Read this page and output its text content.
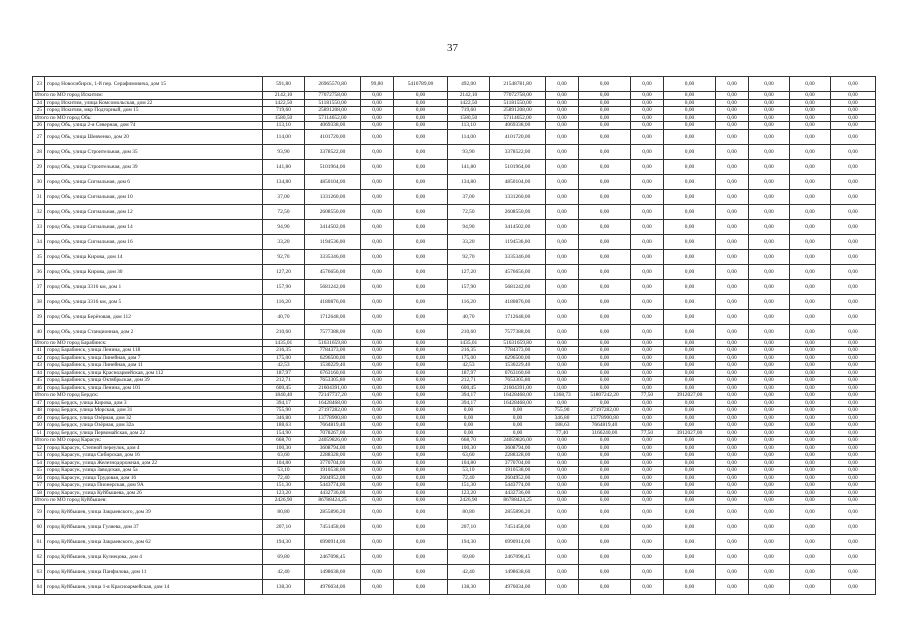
37
23	город Новосибирск, 1-й пер. Серафимовича, дом 15	591,80	26965570,80	99,80	5416789,00	492,00	21548781,80	0,00	0,00	0,00	0,00	0,00	0,00	0,00	0,00
Итого по МО город Искитим:		2142,10	77072758,00	0,00	0,00	2142,10	77072758,00	0,00	0,00	0,00	0,00	0,00	0,00	0,00	0,00
24	город Искитим, улица Комсомольская, дом 22	1422,50	51181550,00	0,00	0,00	1422,50	51181550,00	0,00	0,00	0,00	0,00	0,00	0,00	0,00	0,00
25	город Искитим, мкр Подгорный, дом 15	719,60	25891208,00	0,00	0,00	719,60	25891208,00	0,00	0,00	0,00	0,00	0,00	0,00	0,00	0,00
Итого по МО город Обь:		1580,50	57114652,00	0,00	0,00	1580,50	57114652,00	0,00	0,00	0,00	0,00	0,00	0,00	0,00	0,00
26	город Обь, улица 2-я Северная, дом 74	113,10	4069338,00	0,00	0,00	113,10	4069338,00	0,00	0,00	0,00	0,00	0,00	0,00	0,00	0,00
27	город Обь, улица Шевченко, дом 20	114,00	4101720,00	0,00	0,00	114,00	4101720,00	0,00	0,00	0,00	0,00	0,00	0,00	0,00	0,00
28	город Обь, улица Строительная, дом 35	93,90	3378522,00	0,00	0,00	93,90	3378522,00	0,00	0,00	0,00	0,00	0,00	0,00	0,00	0,00
29	город Обь, улица Строительная, дом 39	141,80	5101964,00	0,00	0,00	141,80	5101964,00	0,00	0,00	0,00	0,00	0,00	0,00	0,00	0,00
30	город Обь, улица Сигнальная, дом 6	134,80	4850104,00	0,00	0,00	134,80	4850104,00	0,00	0,00	0,00	0,00	0,00	0,00	0,00	0,00
31	город Обь, улица Сигнальная, дом 10	37,00	1331260,00	0,00	0,00	37,00	1331260,00	0,00	0,00	0,00	0,00	0,00	0,00	0,00	0,00
32	город Обь, улица Сигнальная, дом 12	72,50	2608550,00	0,00	0,00	72,50	2608550,00	0,00	0,00	0,00	0,00	0,00	0,00	0,00	0,00
33	город Обь, улица Сигнальная, дом 14	94,90	3414502,00	0,00	0,00	94,90	3414502,00	0,00	0,00	0,00	0,00	0,00	0,00	0,00	0,00
34	город Обь, улица Сигнальная, дом 16	33,20	1194536,00	0,00	0,00	33,20	1194536,00	0,00	0,00	0,00	0,00	0,00	0,00	0,00	0,00
35	город Обь, улица Кирова, дом 14	92,70	3335346,00	0,00	0,00	92,70	3335346,00	0,00	0,00	0,00	0,00	0,00	0,00	0,00	0,00
36	город Обь, улица Кирова, дом 30	127,20	4576656,00	0,00	0,00	127,20	4576656,00	0,00	0,00	0,00	0,00	0,00	0,00	0,00	0,00
37	город Обь, улица 3316 км, дом 1	157,90	5681242,00	0,00	0,00	157,90	5681242,00	0,00	0,00	0,00	0,00	0,00	0,00	0,00	0,00
38	город Обь, улица 3316 км, дом 5	116,20	4180876,00	0,00	0,00	116,20	4180876,00	0,00	0,00	0,00	0,00	0,00	0,00	0,00	0,00
39	город Обь, улица Берёзовая, дом 112	40,70	1712648,00	0,00	0,00	40,70	1712648,00	0,00	0,00	0,00	0,00	0,00	0,00	0,00	0,00
40	город Обь, улица Станционная, дом 2	210,60	7577388,00	0,00	0,00	210,60	7577388,00	0,00	0,00	0,00	0,00	0,00	0,00	0,00	0,00
Итого по МО город Барабинск:		1435,01	51631659,80	0,00	0,00	1435,01	51631659,80	0,00	0,00	0,00	0,00	0,00	0,00	0,00	0,00
41	город Барабинск, улица Ленина, дом 118	216,35	7784373,00	0,00	0,00	216,35	7784373,00	0,00	0,00	0,00	0,00	0,00	0,00	0,00	0,00
42	город Барабинск, улица Линейная, дом 7	175,00	6296500,00	0,00	0,00	175,00	6296500,00	0,00	0,00	0,00	0,00	0,00	0,00	0,00	0,00
43	город Барабинск, улица Линейная, дом 11	42,53	1530229,40	0,00	0,00	42,53	1530229,40	0,00	0,00	0,00	0,00	0,00	0,00	0,00	0,00
44	город Барабинск, улица Красноармейская, дом 112	187,97	6763160,60	0,00	0,00	187,97	6763160,60	0,00	0,00	0,00	0,00	0,00	0,00	0,00	0,00
45	город Барабинск, улица Октябрьская, дом 39	212,71	7653305,80	0,00	0,00	212,71	7653305,80	0,00	0,00	0,00	0,00	0,00	0,00	0,00	0,00
46	город Барабинск, улица Ленина, дом 101	600,45	21604391,00	0,00	0,00	600,45	21604391,00	0,00	0,00	0,00	0,00	0,00	0,00	0,00	0,00
Итого по МО город Бердск:		1840,40	72147737,20	0,00	0,00	394,17	16428468,00	1368,73	51807242,20	77,50	3912027,00	0,00	0,00	0,00	0,00
47	город Бердск, улица Кирова, дом 3	394,17	16428468,00	0,00	0,00	394,17	16428468,00	0,00	0,00	0,00	0,00	0,00	0,00	0,00	0,00
48	город Бердск, улица Морская, дом 31	755,90	27197282,00	0,00	0,00	0,00	0,00	755,90	27197282,00	0,00	0,00	0,00	0,00	0,00	0,00
49	город Бердск, улица Озёрная, дом 32	346,80	13778900,80	0,00	0,00	0,00	0,00	346,80	13778900,80	0,00	0,00	0,00	0,00	0,00	0,00
50	город Бердск, улица Озёрная, дом 32а	188,63	7664819,40	0,00	0,00	0,00	0,00	188,63	7664819,40	0,00	0,00	0,00	0,00	0,00	0,00
51	город Бердск, улица Первомайская, дом 22	154,90	7078267,00	0,00	0,00	0,00	0,00	77,40	3166240,00	77,50	3912027,00	0,00	0,00	0,00	0,00
Итого по МО город Карасук:		668,70	24059826,00	0,00	0,00	668,70	24059826,00	0,00	0,00	0,00	0,00	0,00	0,00	0,00	0,00
52	город Карасук, Степной переулок, дом 4	100,30	3608794,00	0,00	0,00	100,30	3608794,00	0,00	0,00	0,00	0,00	0,00	0,00	0,00	0,00
53	город Карасук, улица Сибирская, дом 16	63,60	2288328,00	0,00	0,00	63,60	2288328,00	0,00	0,00	0,00	0,00	0,00	0,00	0,00	0,00
54	город Карасук, улица Железнодорожная, дом 22	104,80	3770704,00	0,00	0,00	104,80	3770704,00	0,00	0,00	0,00	0,00	0,00	0,00	0,00	0,00
55	город Карасук, улица Заводская, дом 5а	53,10	1910538,00	0,00	0,00	53,10	1910538,00	0,00	0,00	0,00	0,00	0,00	0,00	0,00	0,00
56	город Карасук, улица Трудовая, дом 16	72,40	2604952,00	0,00	0,00	72,40	2604952,00	0,00	0,00	0,00	0,00	0,00	0,00	0,00	0,00
57	город Карасук, улица Пионерская, дом 9А	151,30	5443774,00	0,00	0,00	151,30	5443774,00	0,00	0,00	0,00	0,00	0,00	0,00	0,00	0,00
58	город Карасук, улица Куйбышева, дом 26	123,20	4432736,00	0,00	0,00	123,20	4432736,00	0,00	0,00	0,00	0,00	0,00	0,00	0,00	0,00
Итого по МО город Куйбышев:		2426,90	86788424,25	0,00	0,00	2426,90	86788424,25	0,00	0,00	0,00	0,00	0,00	0,00	0,00	0,00
59	город Куйбышев, улица Закраевского, дом 39	80,80	2855896,20	0,00	0,00	80,80	2855896,20	0,00	0,00	0,00	0,00	0,00	0,00	0,00	0,00
60	город Куйбышев, улица Гуляева, дом 37	207,10	7451458,00	0,00	0,00	207,10	7451458,00	0,00	0,00	0,00	0,00	0,00	0,00	0,00	0,00
61	город Куйбышев, улица Закраевского, дом 62	194,30	6990914,00	0,00	0,00	194,30	6990914,00	0,00	0,00	0,00	0,00	0,00	0,00	0,00	0,00
62	город Куйбышев, улица Кузнецова, дом 4	69,80	2467098,45	0,00	0,00	69,80	2467098,45	0,00	0,00	0,00	0,00	0,00	0,00	0,00	0,00
63	город Куйбышев, улица Панфилова, дом 11	42,40	1498638,60	0,00	0,00	42,40	1498638,60	0,00	0,00	0,00	0,00	0,00	0,00	0,00	0,00
64	город Куйбышев, улица 1-я Красноармейская, дом 14	138,30	4976034,00	0,00	0,00	138,30	4976034,00	0,00	0,00	0,00	0,00	0,00	0,00	0,00	0,00
